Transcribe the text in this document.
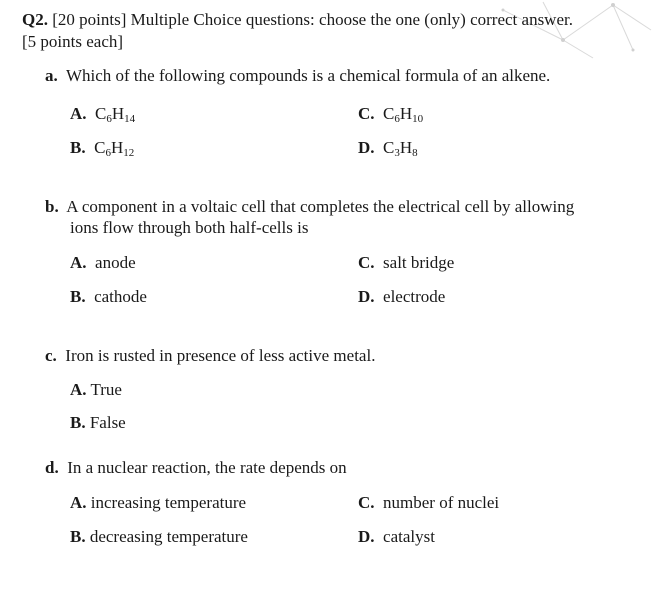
Q2. [20 points] Multiple Choice questions: choose the one (only) correct answer.
[5 points each]
a. Which of the following compounds is a chemical formula of an alkene.
A. $C_6H_{14}$	C. $C_6H_{10}$
B. $C_6H_{12}$	D. $C_3H_8$
b. A component in a voltaic cell that completes the electrical cell by allowing
ions flow through both half-cells is
A. anode	C. salt bridge
B. cathode	D. electrode
c. Iron is rusted in presence of less active metal.
A. True
B. False
d. In a nuclear reaction, the rate depends on
A. increasing temperature	C. number of nuclei
B. decreasing temperature	D. catalyst
